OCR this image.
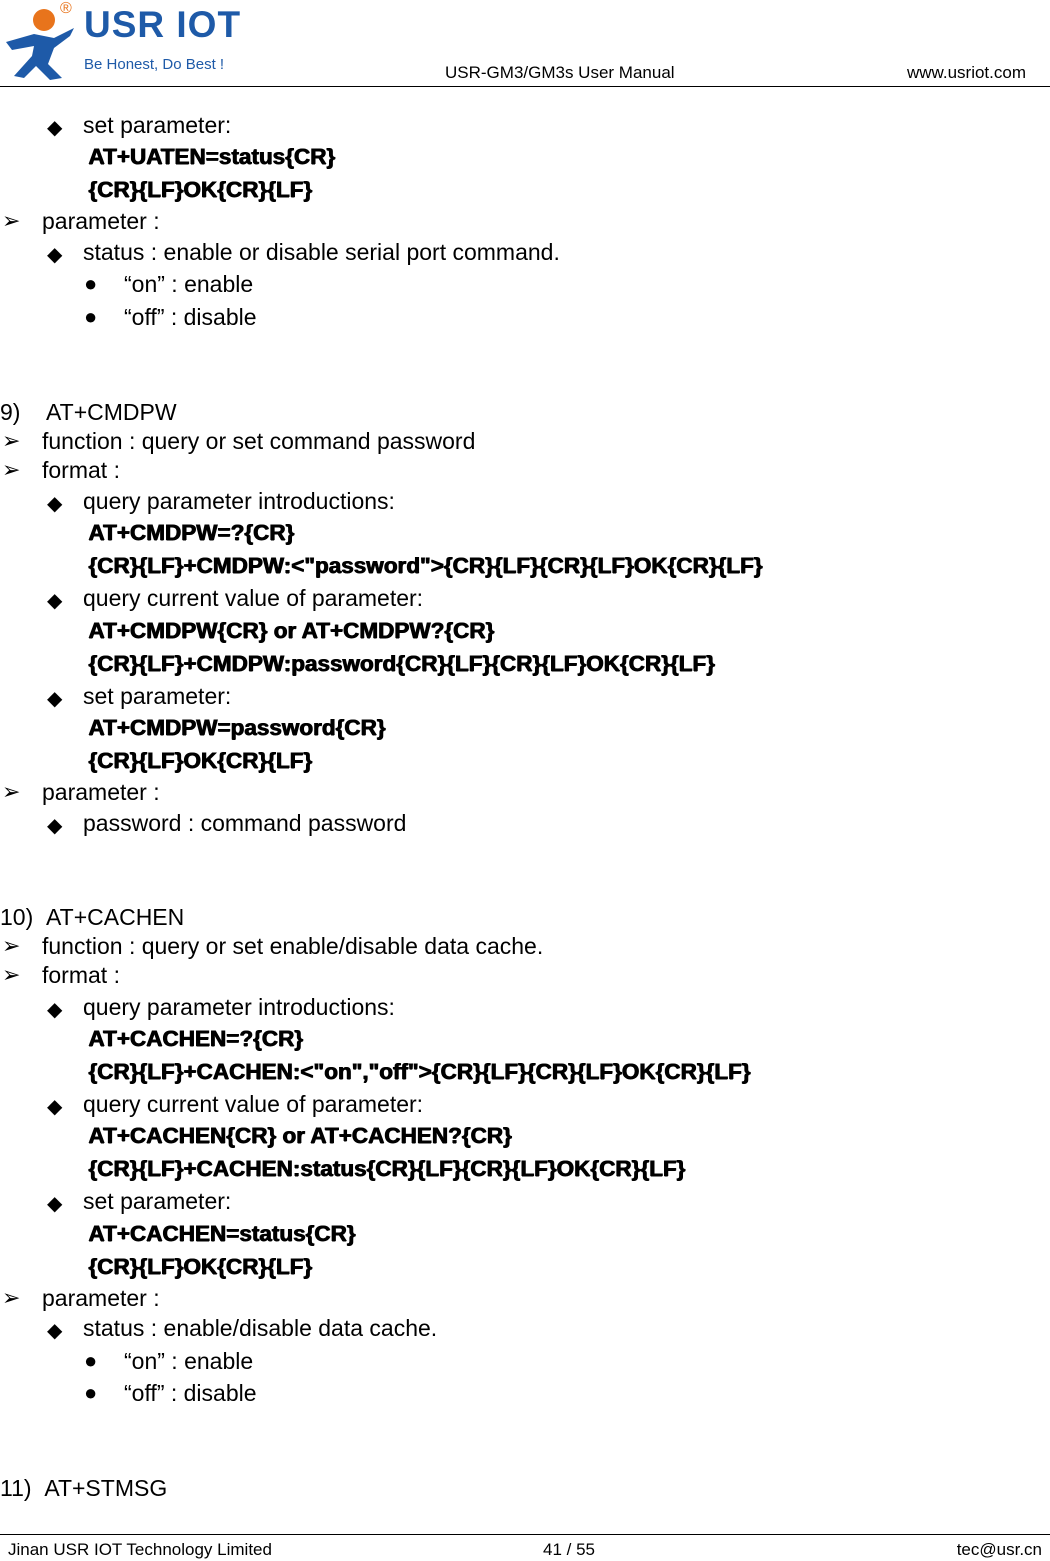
® USR IOT
Be Honest, Do Best !	USR-GM3/GM3s User Manual	www.usriot.com
◆ set parameter:
AT+UATEN=status{CR}
{CR}{LF}OK{CR}{LF}
➢ parameter :
◆ status : enable or disable serial port command.
● “on” : enable
● “off” : disable
9)    AT+CMDPW
➢ function : query or set command password
➢ format :
◆ query parameter introductions:
AT+CMDPW=?{CR}
{CR}{LF}+CMDPW:<"password">{CR}{LF}{CR}{LF}OK{CR}{LF}
◆ query current value of parameter:
AT+CMDPW{CR} or AT+CMDPW?{CR}
{CR}{LF}+CMDPW:password{CR}{LF}{CR}{LF}OK{CR}{LF}
◆ set parameter:
AT+CMDPW=password{CR}
{CR}{LF}OK{CR}{LF}
➢ parameter :
◆ password : command password
10)  AT+CACHEN
➢ function : query or set enable/disable data cache.
➢ format :
◆ query parameter introductions:
AT+CACHEN=?{CR}
{CR}{LF}+CACHEN:<"on","off">{CR}{LF}{CR}{LF}OK{CR}{LF}
◆ query current value of parameter:
AT+CACHEN{CR} or AT+CACHEN?{CR}
{CR}{LF}+CACHEN:status{CR}{LF}{CR}{LF}OK{CR}{LF}
◆ set parameter:
AT+CACHEN=status{CR}
{CR}{LF}OK{CR}{LF}
➢ parameter :
◆ status : enable/disable data cache.
● “on” : enable
● “off” : disable
11)  AT+STMSG
Jinan USR IOT Technology Limited	41 / 55	tec@usr.cn
